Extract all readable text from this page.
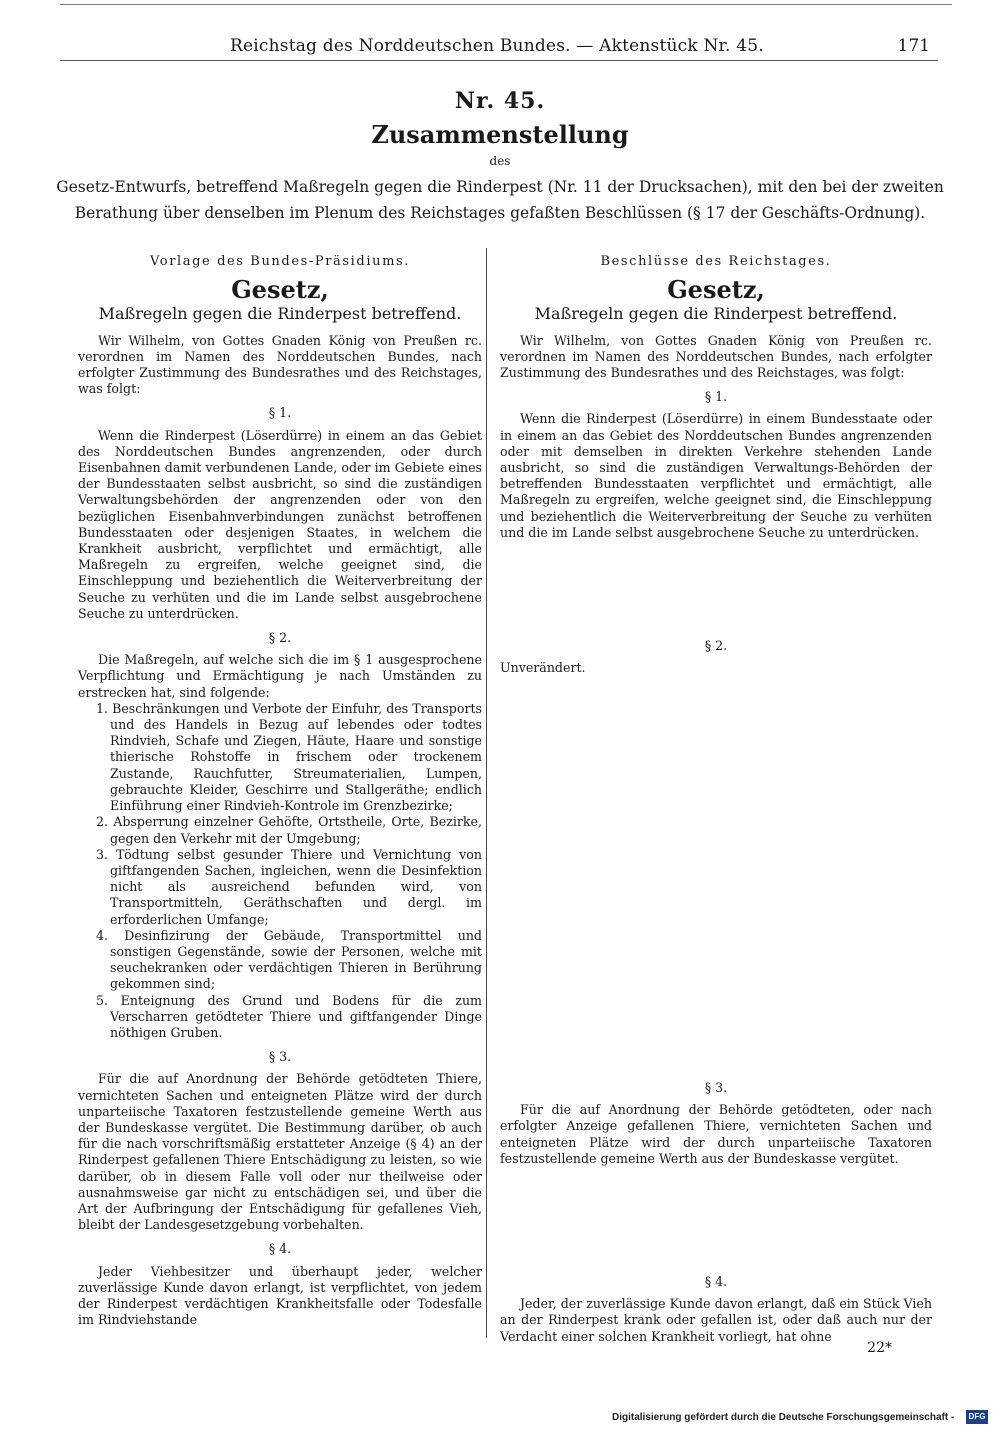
Reichstag des Norddeutschen Bundes. — Aktenstück Nr. 45.	171
Nr. 45.
Zusammenstellung
des
Gesetz-Entwurfs, betreffend Maßregeln gegen die Rinderpest (Nr. 11 der Drucksachen), mit den bei der zweiten Berathung über denselben im Plenum des Reichstages gefaßten Beschlüssen (§ 17 der Geschäfts-Ordnung).
Vorlage des Bundes-Präsidiums.
Gesetz,
Maßregeln gegen die Rinderpest betreffend.

Wir Wilhelm, von Gottes Gnaden König von Preußen rc. verordnen im Namen des Norddeutschen Bundes, nach erfolgter Zustimmung des Bundesrathes und des Reichstages, was folgt:

§ 1.

Wenn die Rinderpest (Löserdürre) in einem an das Gebiet des Norddeutschen Bundes angrenzenden, oder durch Eisenbahnen damit verbundenen Lande, oder im Gebiete eines der Bundesstaaten selbst ausbricht, so sind die zuständigen Verwaltungsbehörden der angrenzenden oder von den bezüglichen Eisenbahnverbindungen zunächst betroffenen Bundesstaaten oder desjenigen Staates, in welchem die Krankheit ausbricht, verpflichtet und ermächtigt, alle Maßregeln zu ergreifen, welche geeignet sind, die Einschleppung und beziehentlich die Weiterverbreitung der Seuche zu verhüten und die im Lande selbst ausgebrochene Seuche zu unterdrücken.

§ 2.

Die Maßregeln, auf welche sich die im § 1 ausgesprochene Verpflichtung und Ermächtigung je nach Umständen zu erstrecken hat, sind folgende:

1. Beschränkungen und Verbote der Einfuhr, des Transports und des Handels in Bezug auf lebendes oder todtes Rindvieh, Schafe und Ziegen, Häute, Haare und sonstige thierische Rohstoffe in frischem oder trockenem Zustande, Rauchfutter, Streumaterialien, Lumpen, gebrauchte Kleider, Geschirre und Stallgeräthe; endlich Einführung einer Rindvieh-Kontrole im Grenzbezirke;
2. Absperrung einzelner Gehöfte, Ortstheile, Orte, Bezirke, gegen den Verkehr mit der Umgebung;
3. Tödtung selbst gesunder Thiere und Vernichtung von giftfangenden Sachen, ingleichen, wenn die Desinfektion nicht als ausreichend befunden wird, von Transportmitteln, Geräthschaften und dergl. im erforderlichen Umfange;
4. Desinfizirung der Gebäude, Transportmittel und sonstigen Gegenstände, sowie der Personen, welche mit seuchekranken oder verdächtigen Thieren in Berührung gekommen sind;
5. Enteignung des Grund und Bodens für die zum Verscharren getödteter Thiere und giftfangender Dinge nöthigen Gruben.
§ 3.

Für die auf Anordnung der Behörde getödteten Thiere, vernichteten Sachen und enteigneten Plätze wird der durch unparteiische Taxatoren festzustellende gemeine Werth aus der Bundeskasse vergütet. Die Bestimmung darüber, ob auch für die nach vorschriftsmäßig erstatteter Anzeige (§ 4) an der Rinderpest gefallenen Thiere Entschädigung zu leisten, so wie darüber, ob in diesem Falle voll oder nur theilweise oder ausnahmsweise gar nicht zu entschädigen sei, und über die Art der Aufbringung der Entschädigung für gefallenes Vieh, bleibt der Landesgesetzgebung vorbehalten.

§ 4.

Jeder Viehbesitzer und überhaupt jeder, welcher zuverlässige Kunde davon erlangt, ist verpflichtet, von jedem der Rinderpest verdächtigen Krankheitsfalle oder Todesfalle im Rindviehstande

Beschlüsse des Reichstages.
Gesetz,
Maßregeln gegen die Rinderpest betreffend.

Wir Wilhelm, von Gottes Gnaden König von Preußen rc. verordnen im Namen des Norddeutschen Bundes, nach erfolgter Zustimmung des Bundesrathes und des Reichstages, was folgt:

§ 1.

Wenn die Rinderpest (Löserdürre) in einem Bundesstaate oder in einem an das Gebiet des Norddeutschen Bundes angrenzenden oder mit demselben in direkten Verkehre stehenden Lande ausbricht, so sind die zuständigen Verwaltungs-Behörden der betreffenden Bundesstaaten verpflichtet und ermächtigt, alle Maßregeln zu ergreifen, welche geeignet sind, die Einschleppung und beziehentlich die Weiterverbreitung der Seuche zu verhüten und die im Lande selbst ausgebrochene Seuche zu unterdrücken.

§ 2.

Unverändert.

§ 3.

Für die auf Anordnung der Behörde getödteten, oder nach erfolgter Anzeige gefallenen Thiere, vernichteten Sachen und enteigneten Plätze wird der durch unparteiische Taxatoren festzustellende gemeine Werth aus der Bundeskasse vergütet.

§ 4.

Jeder, der zuverlässige Kunde davon erlangt, daß ein Stück Vieh an der Rinderpest krank oder gefallen ist, oder daß auch nur der Verdacht einer solchen Krankheit vorliegt, hat ohne

22*
Digitalisierung gefördert durch die Deutsche Forschungsgemeinschaft -	DFG
